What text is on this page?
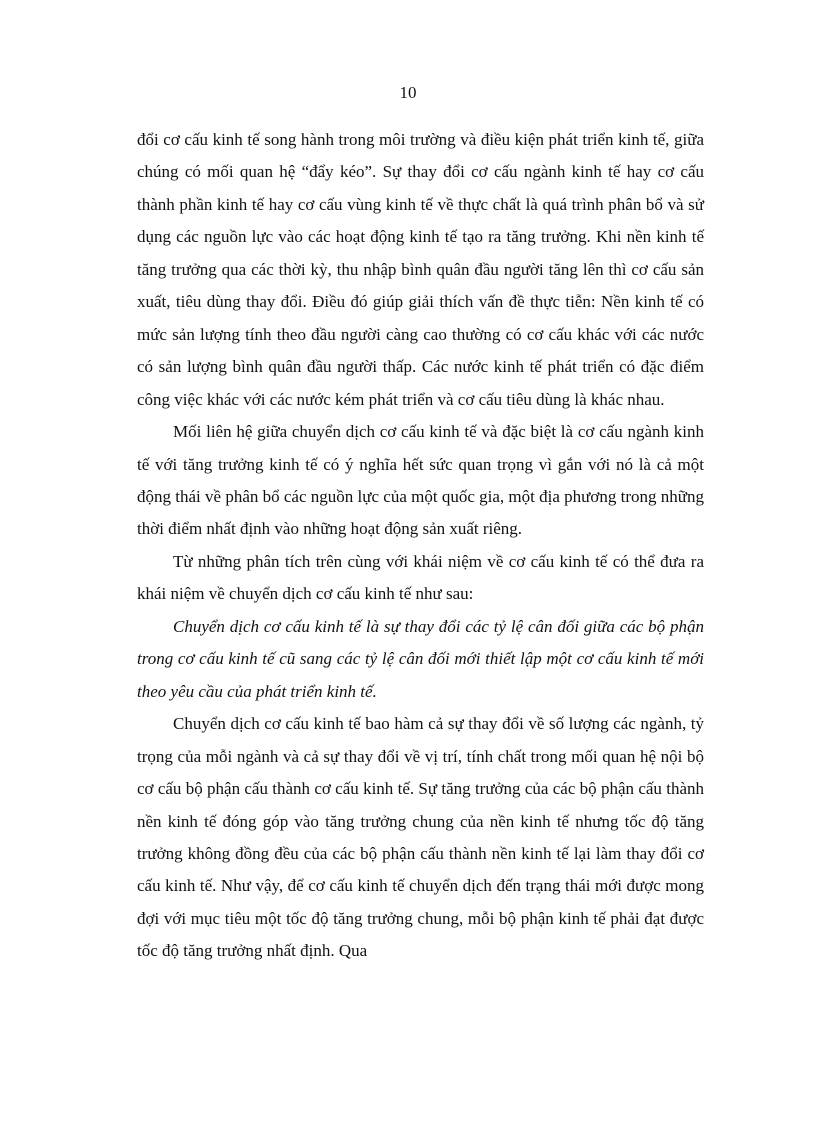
10

đổi cơ cấu kinh tế song hành trong môi trường và điều kiện phát triển kinh tế, giữa chúng có mối quan hệ “đẩy kéo”. Sự thay đổi cơ cấu ngành kinh tế hay cơ cấu thành phần kinh tế hay cơ cấu vùng kinh tế về thực chất là quá trình phân bổ và sử dụng các nguồn lực vào các hoạt động kinh tế tạo ra tăng trưởng. Khi nền kinh tế tăng trưởng qua các thời kỳ, thu nhập bình quân đầu người tăng lên thì cơ cấu sản xuất, tiêu dùng thay đổi. Điều đó giúp giải thích vấn đề thực tiễn: Nền kinh tế có mức sản lượng tính theo đầu người càng cao thường có cơ cấu khác với các nước có sản lượng bình quân đầu người thấp. Các nước kinh tế phát triển có đặc điểm công việc khác với các nước kém phát triển và cơ cấu tiêu dùng là khác nhau.

Mối liên hệ giữa chuyển dịch cơ cấu kinh tế và đặc biệt là cơ cấu ngành kinh tế với tăng trưởng kinh tế có ý nghĩa hết sức quan trọng vì gắn với nó là cả một động thái về phân bổ các nguồn lực của một quốc gia, một địa phương trong những thời điểm nhất định vào những hoạt động sản xuất riêng.

Từ những phân tích trên cùng với khái niệm về cơ cấu kinh tế có thể đưa ra khái niệm về chuyển dịch cơ cấu kinh tế như sau:

Chuyển dịch cơ cấu kinh tế là sự thay đổi các tỷ lệ cân đối giữa các bộ phận trong cơ cấu kinh tế cũ sang các tỷ lệ cân đối mới thiết lập một cơ cấu kinh tế mới theo yêu cầu của phát triển kinh tế.

Chuyển dịch cơ cấu kinh tế bao hàm cả sự thay đổi về số lượng các ngành, tỷ trọng của mỗi ngành và cả sự thay đổi về vị trí, tính chất trong mối quan hệ nội bộ cơ cấu bộ phận cấu thành cơ cấu kinh tế. Sự tăng trưởng của các bộ phận cấu thành nền kinh tế đóng góp vào tăng trưởng chung của nền kinh tế nhưng tốc độ tăng trưởng không đồng đều của các bộ phận cấu thành nền kinh tế lại làm thay đổi cơ cấu kinh tế. Như vậy, để cơ cấu kinh tế chuyển dịch đến trạng thái mới được mong đợi với mục tiêu một tốc độ tăng trưởng chung, mỗi bộ phận kinh tế phải đạt được tốc độ tăng trưởng nhất định. Qua
